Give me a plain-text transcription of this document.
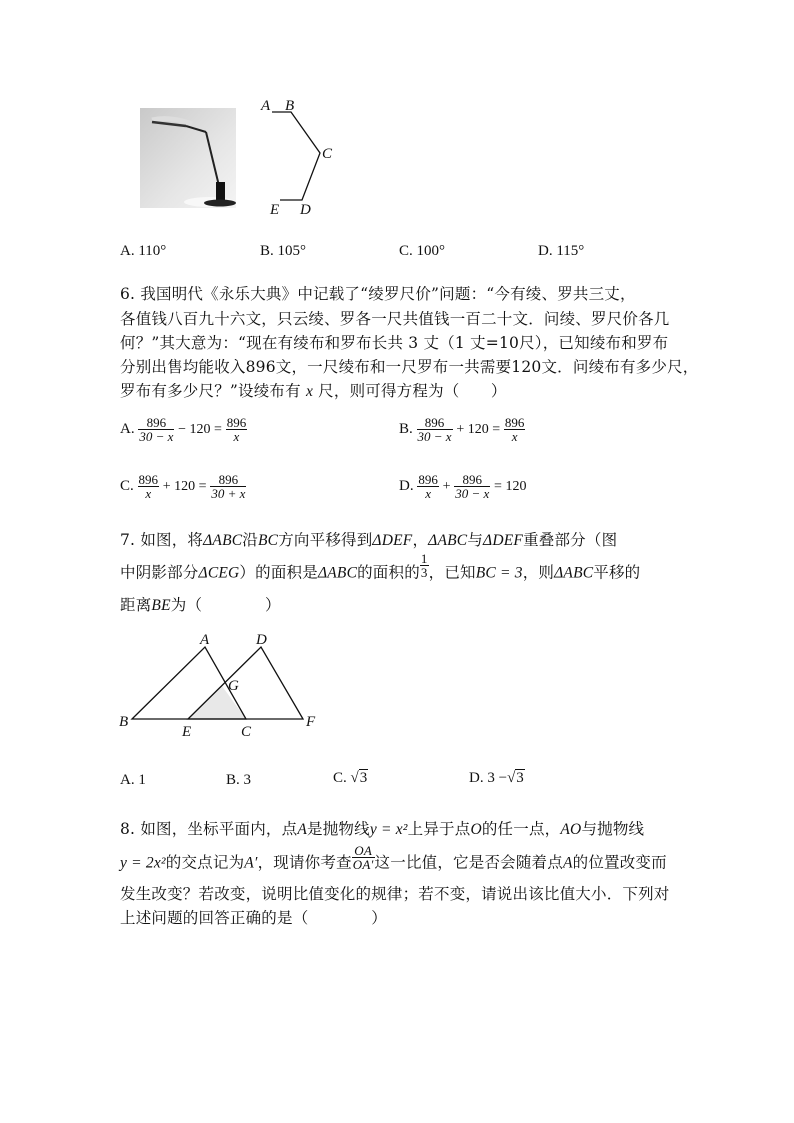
A B
C
E D
A. 110°	B. 105°	C. 100°	D. 115°
6. 我国明代《永乐大典》中记载了“绫罗尺价”问题：“今有绫、罗共三丈，
各值钱八百九十六文，只云绫、罗各一尺共值钱一百二十文．问绫、罗尺价各几
何？”其大意为：“现在有绫布和罗布长共 3 丈（1 丈=10尺），已知绫布和罗布
分别出售均能收入896文，一尺绫布和一尺罗布一共需要120文．问绫布有多少尺，
罗布有多少尺？”设绫布有 x 尺，则可得方程为（　　）
A. $\frac{896}{30 - x} - 120 = \frac{896}{x}$	B. $\frac{896}{30 - x} + 120 = \frac{896}{x}$
C. $\frac{896}{x} + 120 = \frac{896}{30 + x}$	D. $\frac{896}{x} + \frac{896}{30 - x} = 120$
7. 如图，将ΔABC沿BC方向平移得到ΔDEF，ΔABC与ΔDEF重叠部分（图
中阴影部分ΔCEG）的面积是ΔABC的面积的 $\frac{1}{3}$ ，已知BC = 3，则ΔABC平移的
距离BE为（　　　　）
A	D
G
B
E	C
F
A. 1	B. 3	C. √3	D. 3 −√3
8. 如图，坐标平面内，点A是抛物线y = x²上异于点O的任一点，AO与抛物线
y = 2x²的交点记为A′，现请你考查 $\frac{OA}{OA'}$ 这一比值，它是否会随着点A的位置改变而
发生改变？若改变，说明比值变化的规律；若不变，请说出该比值大小．下列对
上述问题的回答正确的是（　　　　）
